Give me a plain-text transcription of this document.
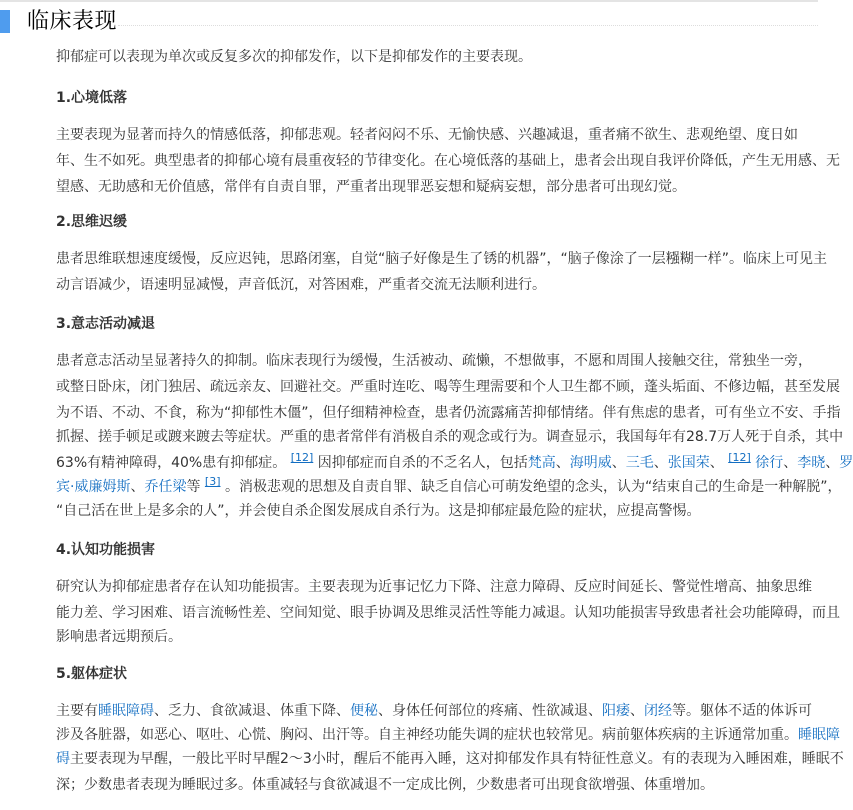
临床表现
抑郁症可以表现为单次或反复多次的抑郁发作，以下是抑郁发作的主要表现。
1.心境低落
主要表现为显著而持久的情感低落，抑郁悲观。轻者闷闷不乐、无愉快感、兴趣减退，重者痛不欲生、悲观绝望、度日如
年、生不如死。典型患者的抑郁心境有晨重夜轻的节律变化。在心境低落的基础上，患者会出现自我评价降低，产生无用感、无
望感、无助感和无价值感，常伴有自责自罪，严重者出现罪恶妄想和疑病妄想，部分患者可出现幻觉。
2.思维迟缓
患者思维联想速度缓慢，反应迟钝，思路闭塞，自觉“脑子好像是生了锈的机器”，“脑子像涂了一层糨糊一样”。临床上可见主
动言语减少，语速明显减慢，声音低沉，对答困难，严重者交流无法顺利进行。
3.意志活动减退
患者意志活动呈显著持久的抑制。临床表现行为缓慢，生活被动、疏懒，不想做事，不愿和周围人接触交往，常独坐一旁，
或整日卧床，闭门独居、疏远亲友、回避社交。严重时连吃、喝等生理需要和个人卫生都不顾，蓬头垢面、不修边幅，甚至发展
为不语、不动、不食，称为“抑郁性木僵”，但仔细精神检查，患者仍流露痛苦抑郁情绪。伴有焦虑的患者，可有坐立不安、手指
抓握、搓手顿足或踱来踱去等症状。严重的患者常伴有消极自杀的观念或行为。调查显示，我国每年有28.7万人死于自杀，其中
63%有精神障碍，40%患有抑郁症。 [12] 因抑郁症而自杀的不乏名人，包括梵高、海明威、三毛、张国荣、 [12] 徐行、李晓、罗
宾·威廉姆斯、乔任梁等 [3] 。消极悲观的思想及自责自罪、缺乏自信心可萌发绝望的念头，认为“结束自己的生命是一种解脱”，
“自己活在世上是多余的人”，并会使自杀企图发展成自杀行为。这是抑郁症最危险的症状，应提高警惕。
4.认知功能损害
研究认为抑郁症患者存在认知功能损害。主要表现为近事记忆力下降、注意力障碍、反应时间延长、警觉性增高、抽象思维
能力差、学习困难、语言流畅性差、空间知觉、眼手协调及思维灵活性等能力减退。认知功能损害导致患者社会功能障碍，而且
影响患者远期预后。
5.躯体症状
主要有睡眠障碍、乏力、食欲减退、体重下降、便秘、身体任何部位的疼痛、性欲减退、阳痿、闭经等。躯体不适的体诉可
涉及各脏器，如恶心、呕吐、心慌、胸闷、出汗等。自主神经功能失调的症状也较常见。病前躯体疾病的主诉通常加重。睡眠障
碍主要表现为早醒，一般比平时早醒2～3小时，醒后不能再入睡，这对抑郁发作具有特征性意义。有的表现为入睡困难，睡眠不
深；少数患者表现为睡眠过多。体重减轻与食欲减退不一定成比例，少数患者可出现食欲增强、体重增加。
